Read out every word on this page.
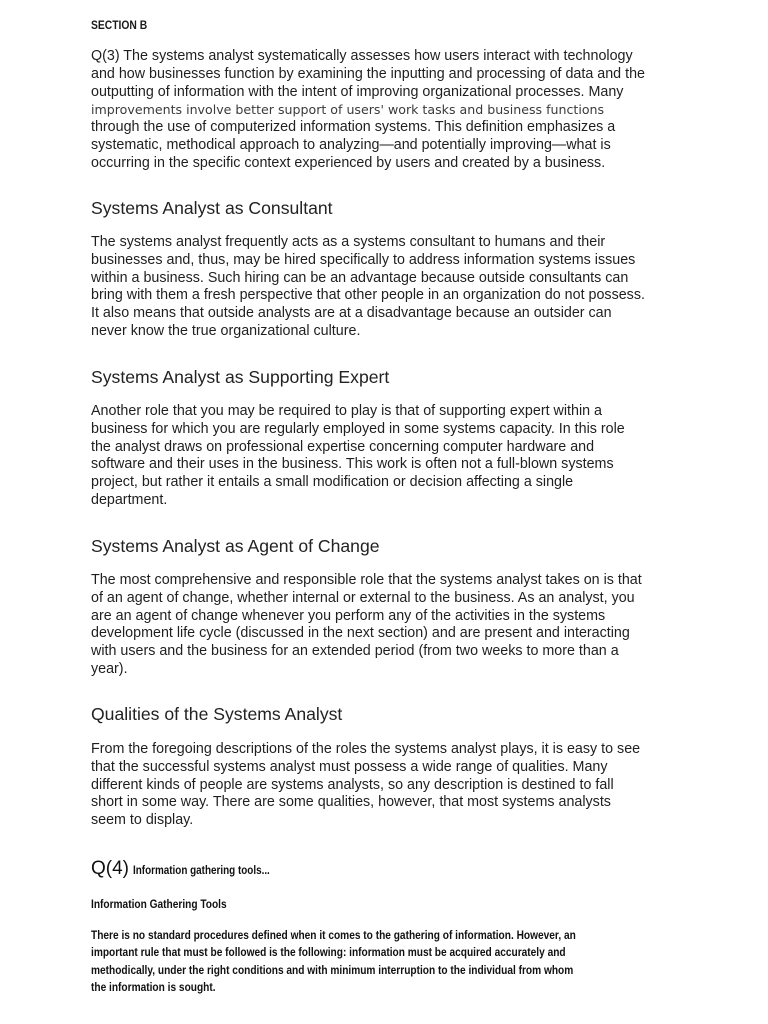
SECTION B
Q(3) The systems analyst systematically assesses how users interact with technology
and how businesses function by examining the inputting and processing of data and the
outputting of information with the intent of improving organizational processes. Many
improvements involve better support of users' work tasks and business functions
through the use of computerized information systems. This definition emphasizes a
systematic, methodical approach to analyzing—and potentially improving—what is
occurring in the specific context experienced by users and created by a business.
Systems Analyst as Consultant
The systems analyst frequently acts as a systems consultant to humans and their
businesses and, thus, may be hired specifically to address information systems issues
within a business. Such hiring can be an advantage because outside consultants can
bring with them a fresh perspective that other people in an organization do not possess.
It also means that outside analysts are at a disadvantage because an outsider can
never know the true organizational culture.
Systems Analyst as Supporting Expert
Another role that you may be required to play is that of supporting expert within a
business for which you are regularly employed in some systems capacity. In this role
the analyst draws on professional expertise concerning computer hardware and
software and their uses in the business. This work is often not a full-blown systems
project, but rather it entails a small modification or decision affecting a single
department.
Systems Analyst as Agent of Change
The most comprehensive and responsible role that the systems analyst takes on is that
of an agent of change, whether internal or external to the business. As an analyst, you
are an agent of change whenever you perform any of the activities in the systems
development life cycle (discussed in the next section) and are present and interacting
with users and the business for an extended period (from two weeks to more than a
year).
Qualities of the Systems Analyst
From the foregoing descriptions of the roles the systems analyst plays, it is easy to see
that the successful systems analyst must possess a wide range of qualities. Many
different kinds of people are systems analysts, so any description is destined to fall
short in some way. There are some qualities, however, that most systems analysts
seem to display.
Q(4) Information gathering tools...
Information Gathering Tools
There is no standard procedures defined when it comes to the gathering of information. However, an
important rule that must be followed is the following: information must be acquired accurately and
methodically, under the right conditions and with minimum interruption to the individual from whom
the information is sought.
